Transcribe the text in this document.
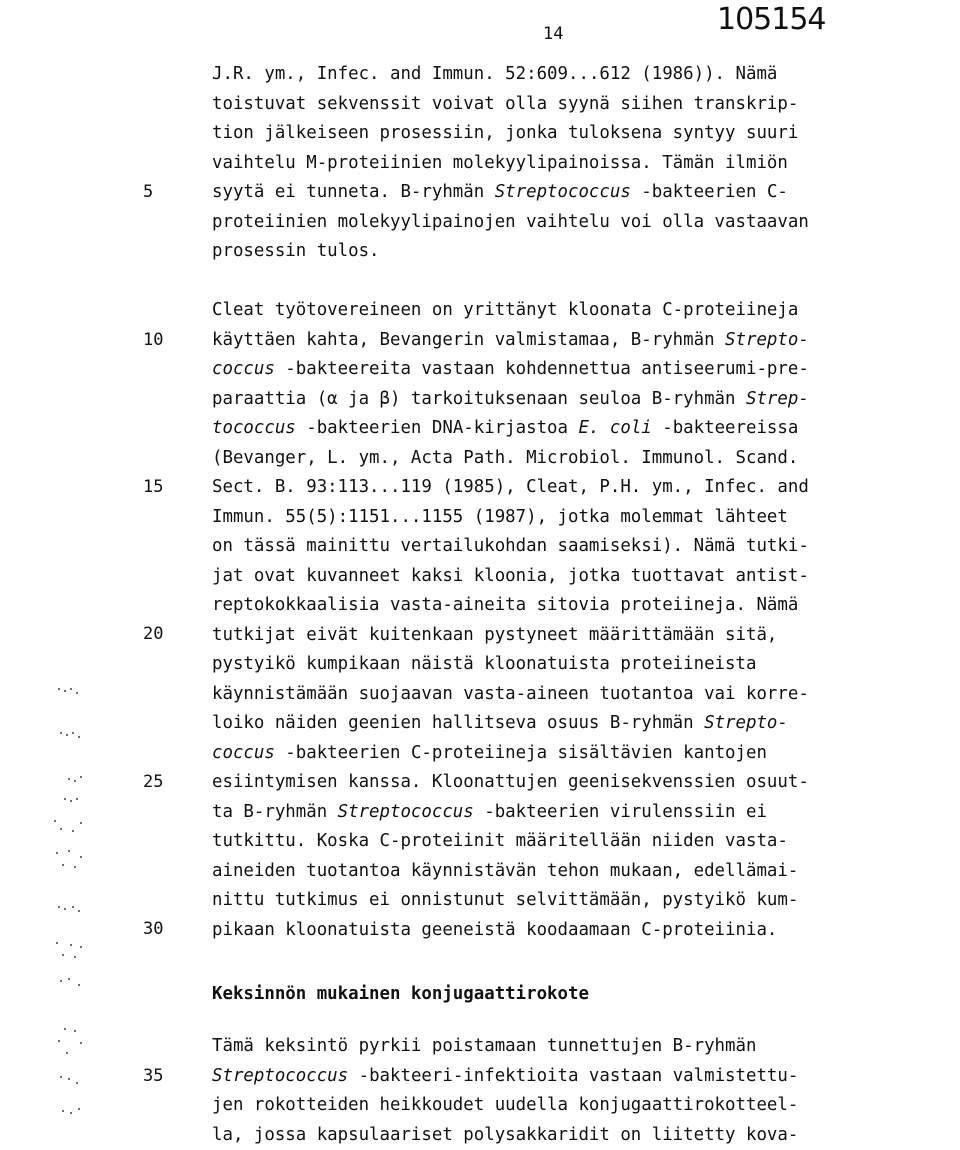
14	105154
J.R. ym., Infec. and Immun. 52:609...612 (1986)). Nämä
toistuvat sekvenssit voivat olla syynä siihen transkrip-
tion jälkeiseen prosessiin, jonka tuloksena syntyy suuri
vaihtelu M-proteiinien molekyylipainoissa. Tämän ilmiön
syytä ei tunneta. B-ryhmän Streptococcus -bakteerien C-
proteiinien molekyylipainojen vaihtelu voi olla vastaavan
prosessin tulos.
Cleat työtovereineen on yrittänyt kloonata C-proteiineja
käyttäen kahta, Bevangerin valmistamaa, B-ryhmän Strepto-
coccus -bakteereita vastaan kohdennettua antiseerumi-pre-
paraattia (α ja β) tarkoituksenaan seuloa B-ryhmän Strep-
tococcus -bakteerien DNA-kirjastoa E. coli -bakteereissa
(Bevanger, L. ym., Acta Path. Microbiol. Immunol. Scand.
Sect. B. 93:113...119 (1985), Cleat, P.H. ym., Infec. and
Immun. 55(5):1151...1155 (1987), jotka molemmat lähteet
on tässä mainittu vertailukohdan saamiseksi). Nämä tutki-
jat ovat kuvanneet kaksi kloonia, jotka tuottavat antist-
reptokokkaalisia vasta-aineita sitovia proteiineja. Nämä
tutkijat eivät kuitenkaan pystyneet määrittämään sitä,
pystyikö kumpikaan näistä kloonatuista proteiineista
käynnistämään suojaavan vasta-aineen tuotantoa vai korre-
loiko näiden geenien hallitseva osuus B-ryhmän Strepto-
coccus -bakteerien C-proteiineja sisältävien kantojen
esiintymisen kanssa. Kloonattujen geenisekvenssien osuut-
ta B-ryhmän Streptococcus -bakteerien virulenssiin ei
tutkittu. Koska C-proteiinit määritellään niiden vasta-
aineiden tuotantoa käynnistävän tehon mukaan, edellämai-
nittu tutkimus ei onnistunut selvittämään, pystyikö kum-
pikaan kloonatuista geeneistä koodaamaan C-proteiinia.
Keksinnön mukainen konjugaattirokote
Tämä keksintö pyrkii poistamaan tunnettujen B-ryhmän
Streptococcus -bakteeri-infektioita vastaan valmistettu-
jen rokotteiden heikkoudet uudella konjugaattirokotteel-
la, jossa kapsulaariset polysakkaridit on liitetty kova-
5
10
15
20
25
30
35
